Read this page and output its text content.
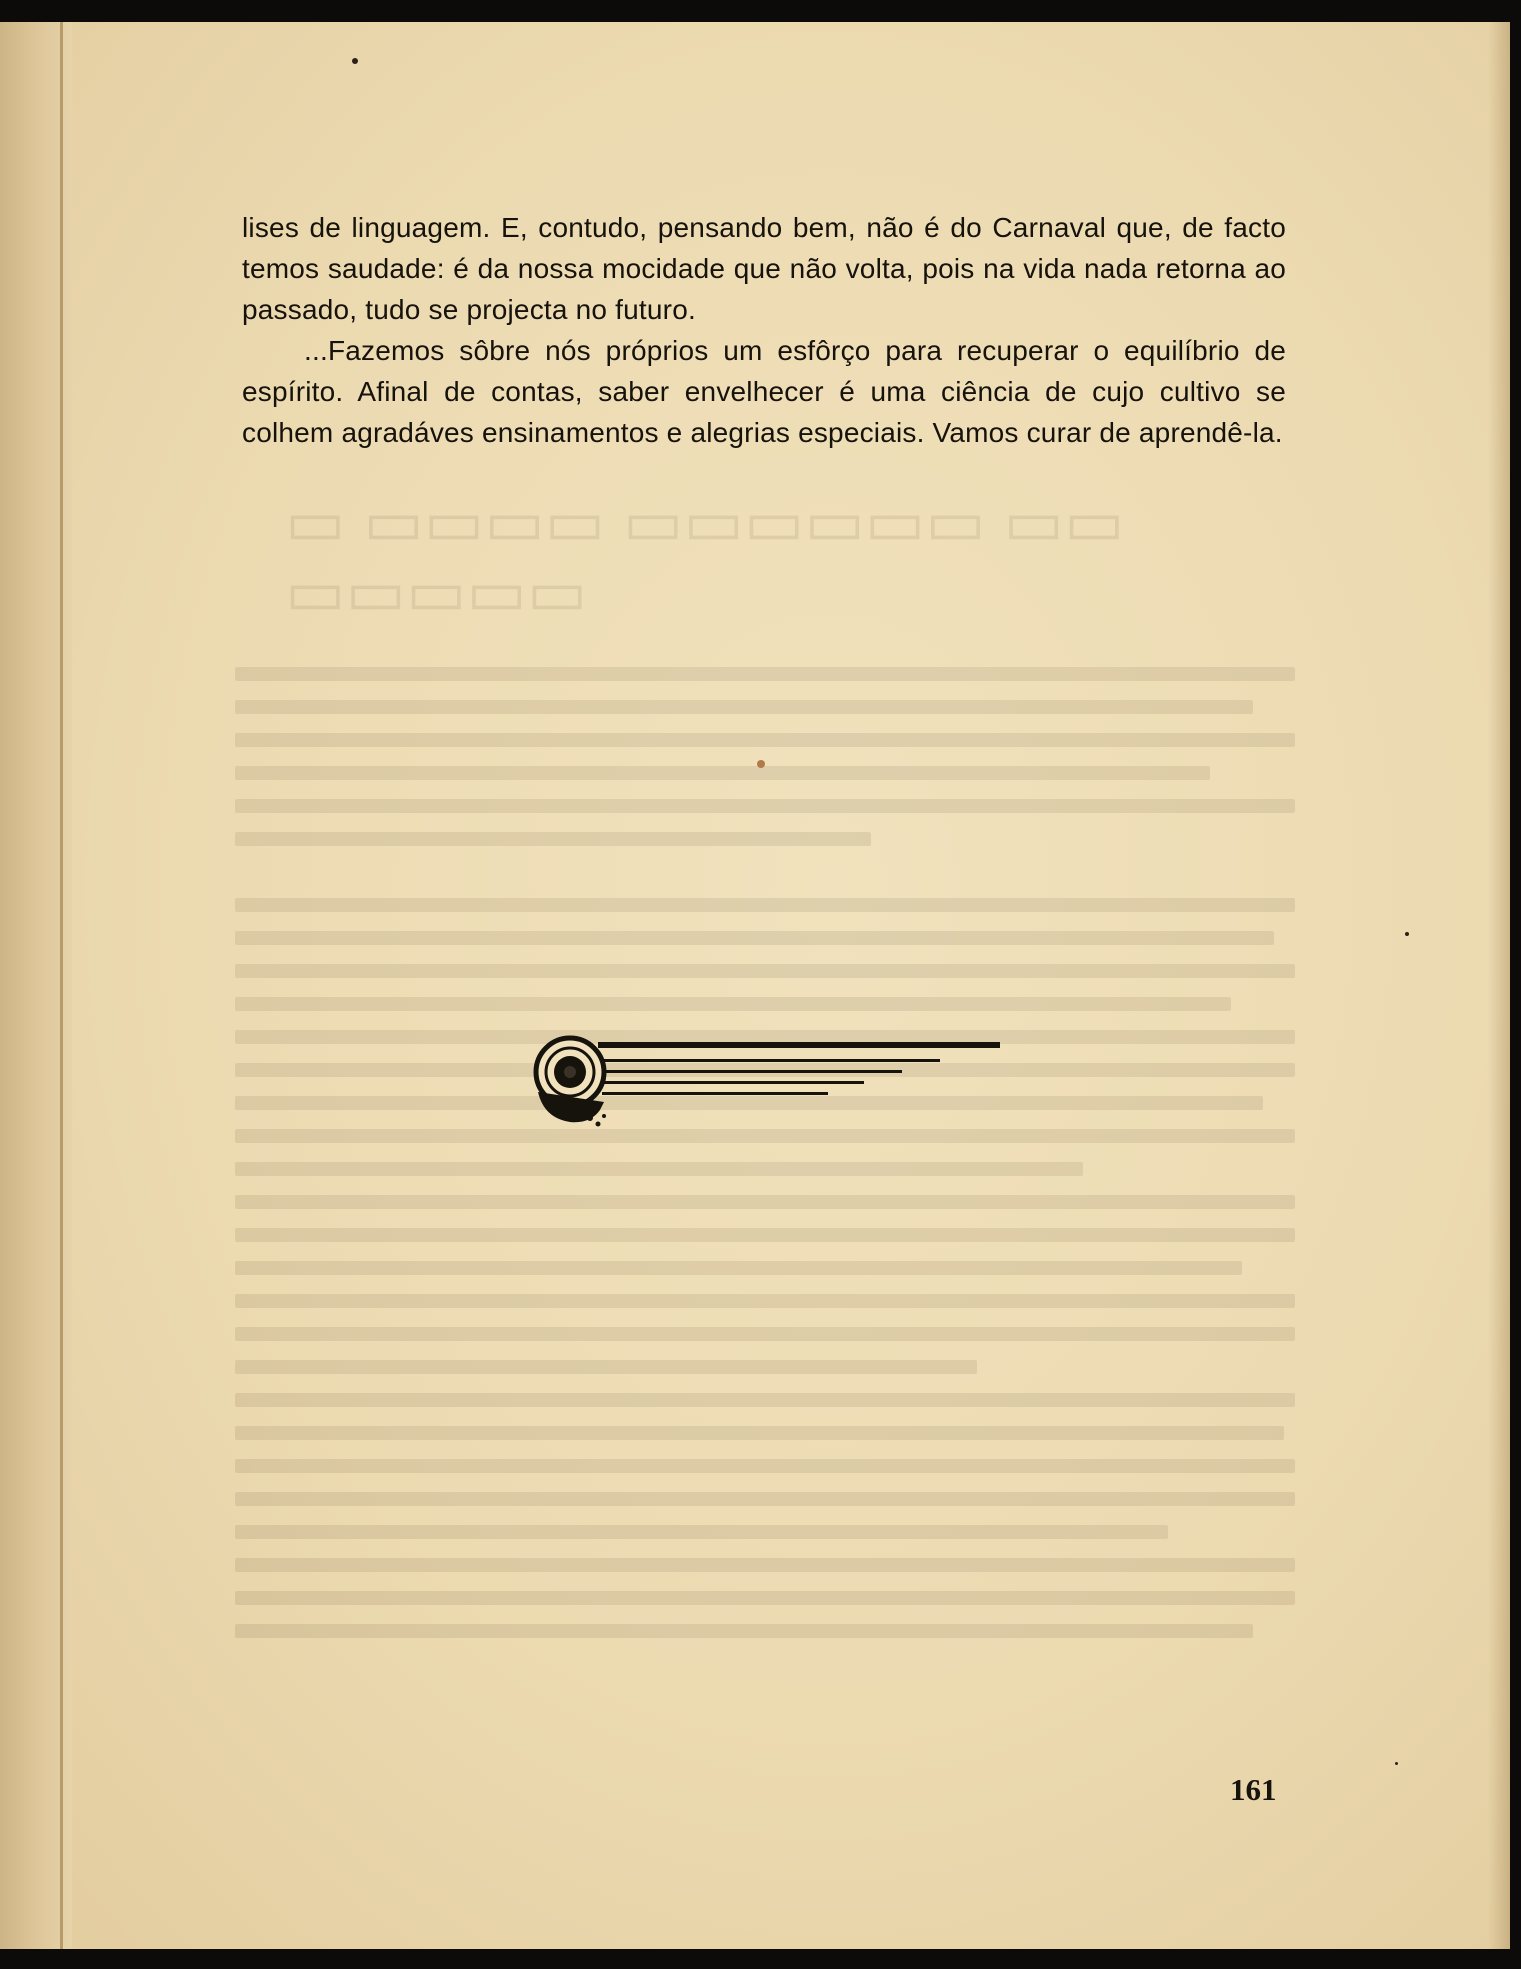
▭ ▭▭▭▭ ▭▭▭▭▭▭ ▭▭ ▭▭▭▭▭

lises de linguagem. E, contudo, pensando bem, não é do Carnaval que, de facto temos saudade: é da nossa mocidade que não volta, pois na vida nada retorna ao passado, tudo se projecta no futuro.

...Fazemos sôbre nós próprios um esfôrço para recuperar o equilíbrio de espírito. Afinal de contas, saber envelhecer é uma ciência de cujo cultivo se colhem agradáves ensinamentos e alegrias especiais. Vamos curar de aprendê-la.

161
